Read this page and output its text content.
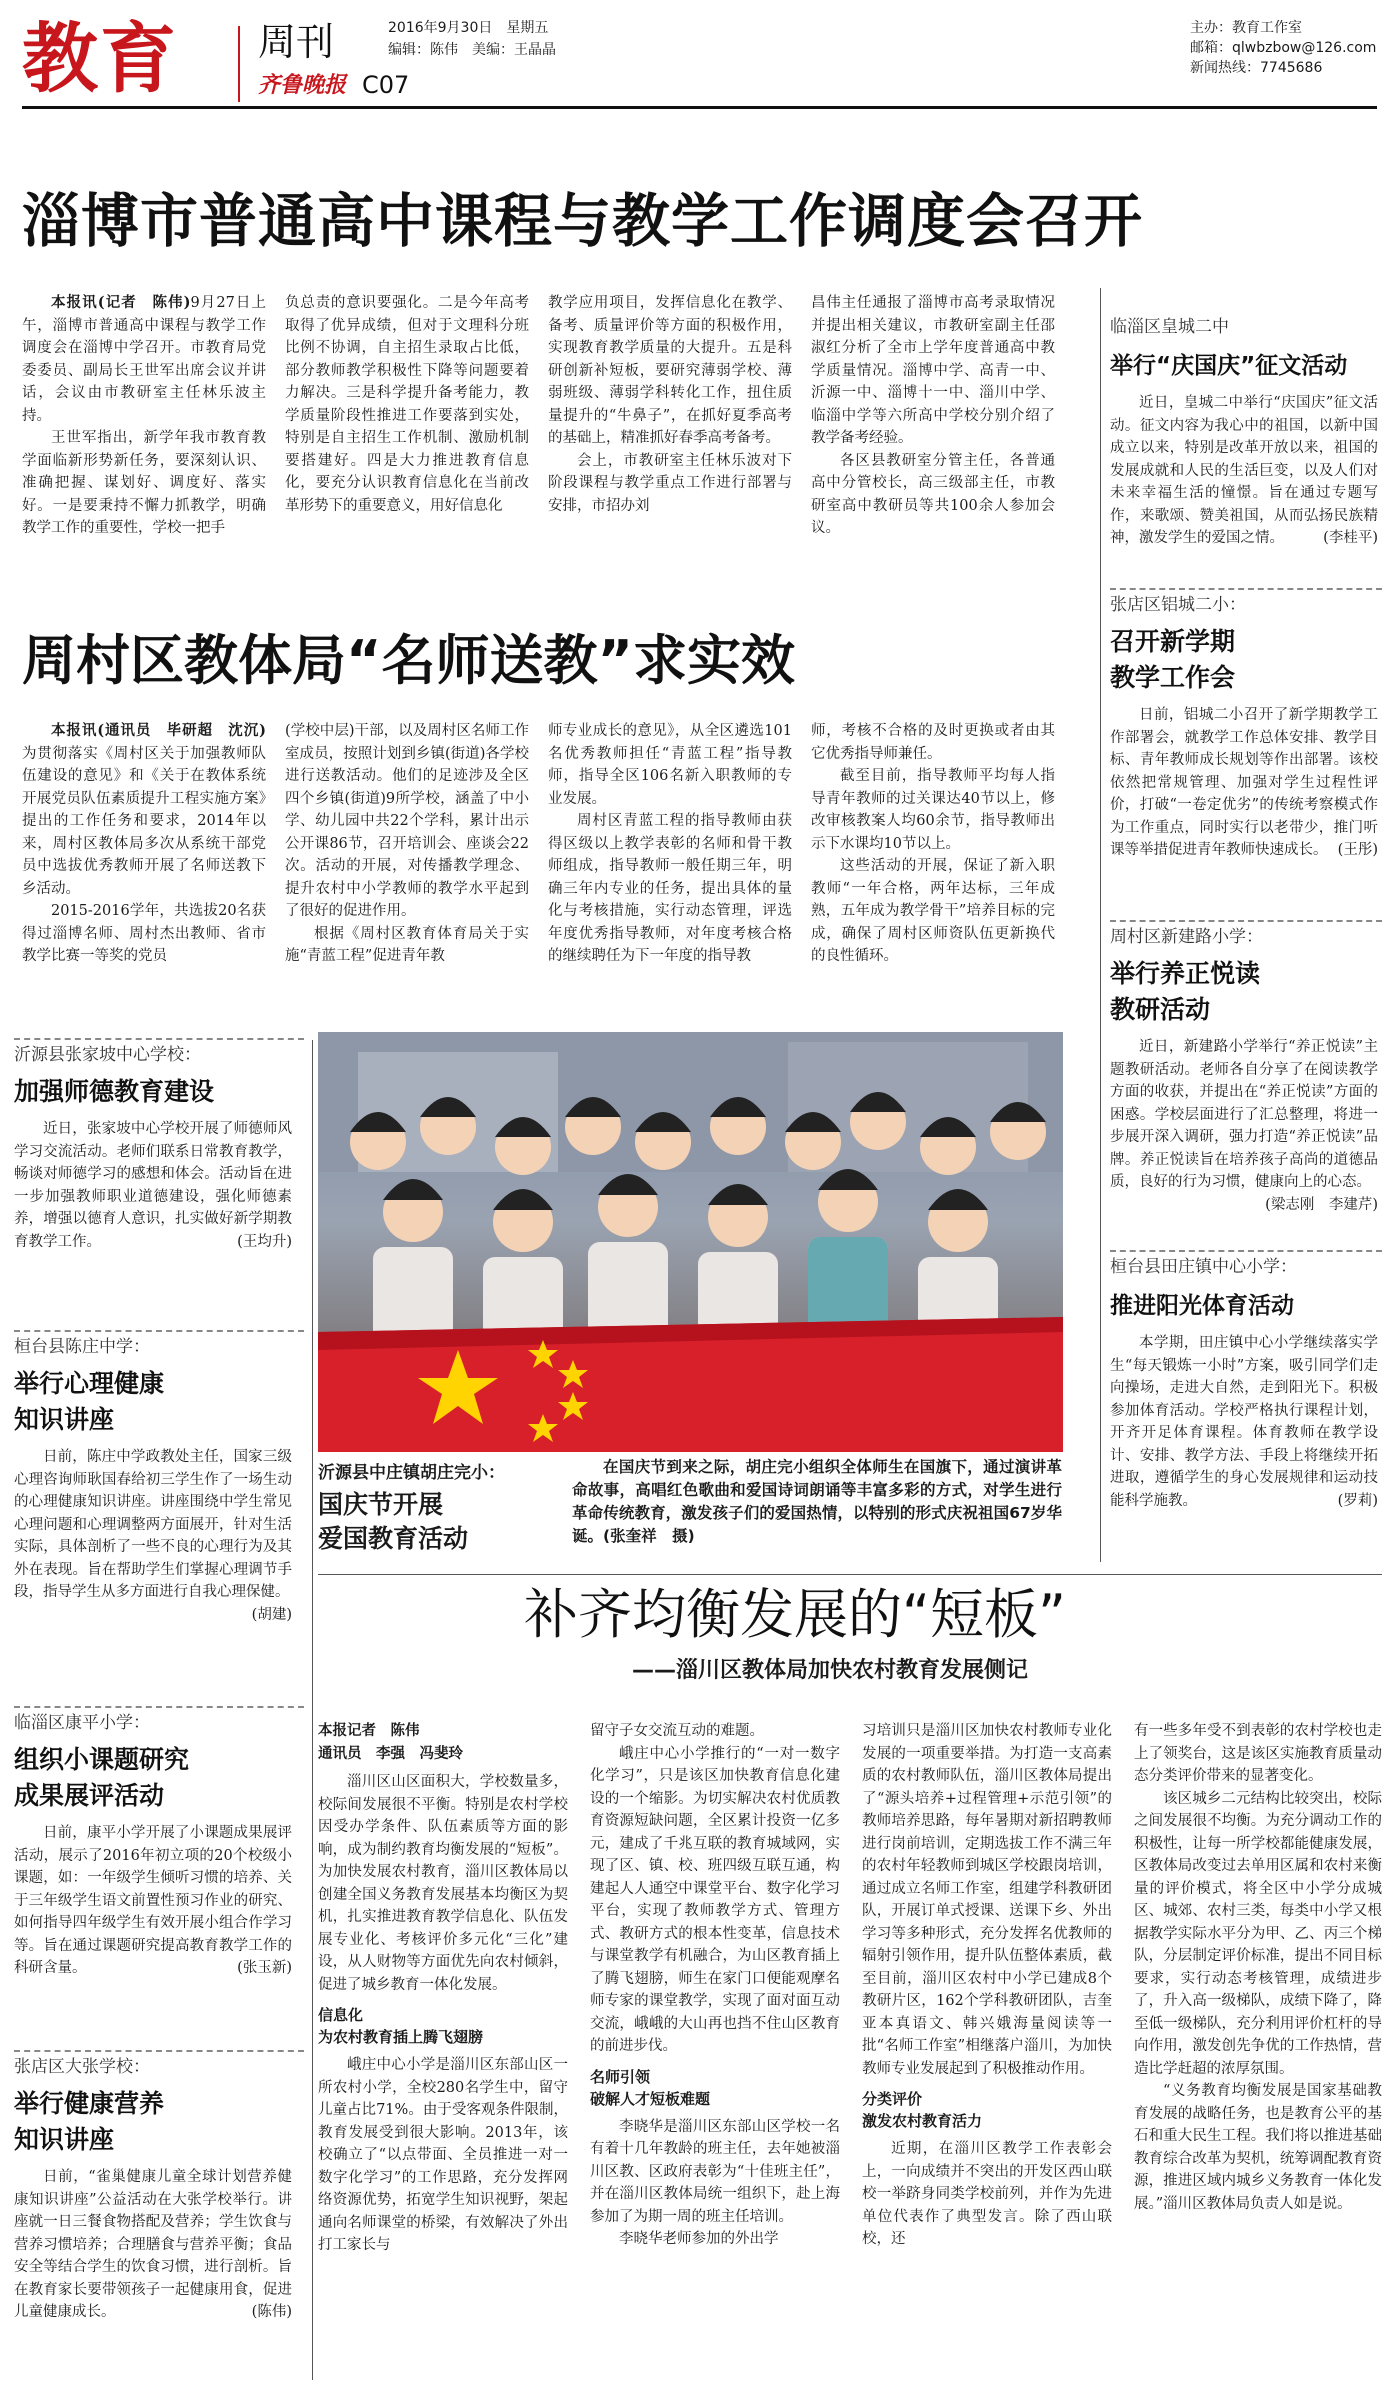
教育 周刊
齐鲁晚报 C07
2016年9月30日　星期五
编辑：陈伟　美编：王晶晶
主办：教育工作室
邮箱：qlwbzbow@126.com
新闻热线：7745686
淄博市普通高中课程与教学工作调度会召开
本报讯(记者　陈伟)9月27日上午，淄博市普通高中课程与教学工作调度会在淄博中学召开。市教育局党委委员、副局长王世军出席会议并讲话，会议由市教研室主任林乐波主持。

王世军指出，新学年我市教育教学面临新形势新任务，要深刻认识、准确把握、谋划好、调度好、落实好。一是要秉持不懈力抓教学，明确教学工作的重要性，学校一把手

负总责的意识要强化。二是今年高考取得了优异成绩，但对于文理科分班比例不协调，自主招生录取占比低，部分教师教学积极性下降等问题要着力解决。三是科学提升备考能力，教学质量阶段性推进工作要落到实处，特别是自主招生工作机制、激励机制要搭建好。四是大力推进教育信息化，要充分认识教育信息化在当前改革形势下的重要意义，用好信息化

教学应用项目，发挥信息化在教学、备考、质量评价等方面的积极作用，实现教育教学质量的大提升。五是科研创新补短板，要研究薄弱学校、薄弱班级、薄弱学科转化工作，扭住质量提升的“牛鼻子”，在抓好夏季高考的基础上，精准抓好春季高考备考。

会上，市教研室主任林乐波对下阶段课程与教学重点工作进行部署与安排，市招办刘

昌伟主任通报了淄博市高考录取情况并提出相关建议，市教研室副主任邵淑红分析了全市上学年度普通高中教学质量情况。淄博中学、高青一中、沂源一中、淄博十一中、淄川中学、临淄中学等六所高中学校分别介绍了教学备考经验。

各区县教研室分管主任，各普通高中分管校长，高三级部主任，市教研室高中教研员等共100余人参加会议。

周村区教体局“名师送教”求实效
本报讯(通讯员　毕研超　沈沉)为贯彻落实《周村区关于加强教师队伍建设的意见》和《关于在教体系统开展党员队伍素质提升工程实施方案》提出的工作任务和要求，2014年以来，周村区教体局多次从系统干部党员中选拔优秀教师开展了名师送教下乡活动。

2015-2016学年，共选拔20名获得过淄博名师、周村杰出教师、省市教学比赛一等奖的党员

(学校中层)干部，以及周村区名师工作室成员，按照计划到乡镇(街道)各学校进行送教活动。他们的足迹涉及全区四个乡镇(街道)9所学校，涵盖了中小学、幼儿园中共22个学科，累计出示公开课86节，召开培训会、座谈会22次。活动的开展，对传播教学理念、提升农村中小学教师的教学水平起到了很好的促进作用。

根据《周村区教育体育局关于实施“青蓝工程”促进青年教

师专业成长的意见》，从全区遴选101名优秀教师担任“青蓝工程”指导教师，指导全区106名新入职教师的专业发展。

周村区青蓝工程的指导教师由获得区级以上教学表彰的名师和骨干教师组成，指导教师一般任期三年，明确三年内专业的任务，提出具体的量化与考核措施，实行动态管理，评选年度优秀指导教师，对年度考核合格的继续聘任为下一年度的指导教

师，考核不合格的及时更换或者由其它优秀指导师兼任。

截至目前，指导教师平均每人指导青年教师的过关课达40节以上，修改审核教案人均60余节，指导教师出示下水课均10节以上。

这些活动的开展，保证了新入职教师“一年合格，两年达标，三年成熟，五年成为教学骨干”培养目标的完成，确保了周村区师资队伍更新换代的良性循环。

沂源县中庄镇胡庄完小：
国庆节开展
爱国教育活动
在国庆节到来之际，胡庄完小组织全体师生在国旗下，通过演讲革命故事，高唱红色歌曲和爱国诗词朗诵等丰富多彩的方式，对学生进行革命传统教育，激发孩子们的爱国热情，以特别的形式庆祝祖国67岁华诞。(张奎祥　摄)
沂源县张家坡中心学校：
加强师德教育建设
近日，张家坡中心学校开展了师德师风学习交流活动。老师们联系日常教育教学，畅谈对师德学习的感想和体会。活动旨在进一步加强教师职业道德建设，强化师德素养，增强以德育人意识，扎实做好新学期教育教学工作。	(王均升)
桓台县陈庄中学：
举行心理健康
知识讲座
日前，陈庄中学政教处主任，国家三级心理咨询师耿国春给初三学生作了一场生动的心理健康知识讲座。讲座围绕中学生常见心理问题和心理调整两方面展开，针对生活实际，具体剖析了一些不良的心理行为及其外在表现。旨在帮助学生们掌握心理调节手段，指导学生从多方面进行自我心理保健。
(胡建)
临淄区康平小学：
组织小课题研究
成果展评活动
日前，康平小学开展了小课题成果展评活动，展示了2016年初立项的20个校级小课题，如：一年级学生倾听习惯的培养、关于三年级学生语文前置性预习作业的研究、如何指导四年级学生有效开展小组合作学习等。旨在通过课题研究提高教育教学工作的科研含量。	(张玉新)
张店区大张学校：
举行健康营养
知识讲座
日前，“雀巢健康儿童全球计划营养健康知识讲座”公益活动在大张学校举行。讲座就一日三餐食物搭配及营养；学生饮食与营养习惯培养；合理膳食与营养平衡；食品安全等结合学生的饮食习惯，进行剖析。旨在教育家长要带领孩子一起健康用食，促进儿童健康成长。	(陈伟)
临淄区皇城二中
举行“庆国庆”征文活动
近日，皇城二中举行“庆国庆”征文活动。征文内容为我心中的祖国，以新中国成立以来，特别是改革开放以来，祖国的发展成就和人民的生活巨变，以及人们对未来幸福生活的憧憬。旨在通过专题写作，来歌颂、赞美祖国，从而弘扬民族精神，激发学生的爱国之情。	(李桂平)
张店区铝城二小：
召开新学期
教学工作会
日前，铝城二小召开了新学期教学工作部署会，就教学工作总体安排、教学目标、青年教师成长规划等作出部署。该校依然把常规管理、加强对学生过程性评价，打破“一卷定优劣”的传统考察模式作为工作重点，同时实行以老带少，推门听课等举措促进青年教师快速成长。 (王彤)
周村区新建路小学：
举行养正悦读
教研活动
近日，新建路小学举行“养正悦读”主题教研活动。老师各自分享了在阅读教学方面的收获，并提出在“养正悦读”方面的困惑。学校层面进行了汇总整理，将进一步展开深入调研，强力打造“养正悦读”品牌。养正悦读旨在培养孩子高尚的道德品质，良好的行为习惯，健康向上的心态。
(梁志刚　李建芹)
桓台县田庄镇中心小学：
推进阳光体育活动
本学期，田庄镇中心小学继续落实学生“每天锻炼一小时”方案，吸引同学们走向操场，走进大自然，走到阳光下。积极参加体育活动。学校严格执行课程计划，开齐开足体育课程。体育教师在教学设计、安排、教学方法、手段上将继续开拓进取，遵循学生的身心发展规律和运动技能科学施教。	(罗莉)
补齐均衡发展的“短板”
——淄川区教体局加快农村教育发展侧记
本报记者　陈伟
通讯员　李强　冯斐玲

淄川区山区面积大，学校数量多，校际间发展很不平衡。特别是农村学校因受办学条件、队伍素质等方面的影响，成为制约教育均衡发展的“短板”。为加快发展农村教育，淄川区教体局以创建全国义务教育发展基本均衡区为契机，扎实推进教育教学信息化、队伍发展专业化、考核评价多元化“三化”建设，从人财物等方面优先向农村倾斜，促进了城乡教育一体化发展。

信息化
为农村教育插上腾飞翅膀

峨庄中心小学是淄川区东部山区一所农村小学，全校280名学生中，留守儿童占比71%。由于受客观条件限制，教育发展受到很大影响。2013年，该校确立了“以点带面、全员推进一对一数字化学习”的工作思路，充分发挥网络资源优势，拓宽学生知识视野，架起通向名师课堂的桥梁，有效解决了外出打工家长与

留守子女交流互动的难题。

峨庄中心小学推行的“一对一数字化学习”，只是该区加快教育信息化建设的一个缩影。为切实解决农村优质教育资源短缺问题，全区累计投资一亿多元，建成了千兆互联的教育城域网，实现了区、镇、校、班四级互联互通，构建起人人通空中课堂平台、数字化学习平台，实现了教师教学方式、管理方式、教研方式的根本性变革，信息技术与课堂教学有机融合，为山区教育插上了腾飞翅膀，师生在家门口便能观摩名师专家的课堂教学，实现了面对面互动交流，峨峨的大山再也挡不住山区教育的前进步伐。

名师引领
破解人才短板难题

李晓华是淄川区东部山区学校一名有着十几年教龄的班主任，去年她被淄川区教、区政府表彰为“十佳班主任”，并在淄川区教体局统一组织下，赴上海参加了为期一周的班主任培训。

李晓华老师参加的外出学

习培训只是淄川区加快农村教师专业化发展的一项重要举措。为打造一支高素质的农村教师队伍，淄川区教体局提出了“源头培养+过程管理+示范引领”的教师培养思路，每年暑期对新招聘教师进行岗前培训，定期选拔工作不满三年的农村年轻教师到城区学校跟岗培训，通过成立名师工作室，组建学科教研团队，开展订单式授课、送课下乡、外出学习等多种形式，充分发挥名优教师的辐射引领作用，提升队伍整体素质，截至目前，淄川区农村中小学已建成8个教研片区，162个学科教研团队，吉奎亚本真语文、韩兴娥海量阅读等一批“名师工作室”相继落户淄川，为加快教师专业发展起到了积极推动作用。

分类评价
激发农村教育活力

近期，在淄川区教学工作表彰会上，一向成绩并不突出的开发区西山联校一举跻身同类学校前列，并作为先进单位代表作了典型发言。除了西山联校，还

有一些多年受不到表彰的农村学校也走上了领奖台，这是该区实施教育质量动态分类评价带来的显著变化。

该区城乡二元结构比较突出，校际之间发展很不均衡。为充分调动工作的积极性，让每一所学校都能健康发展，区教体局改变过去单用区属和农村来衡量的评价模式，将全区中小学分成城区、城郊、农村三类，每类中小学又根据教学实际水平分为甲、乙、丙三个梯队，分层制定评价标准，提出不同目标要求，实行动态考核管理，成绩进步了，升入高一级梯队，成绩下降了，降至低一级梯队，充分利用评价杠杆的导向作用，激发创先争优的工作热情，营造比学赶超的浓厚氛围。

“义务教育均衡发展是国家基础教育发展的战略任务，也是教育公平的基石和重大民生工程。我们将以推进基础教育综合改革为契机，统筹调配教育资源，推进区域内城乡义务教育一体化发展。”淄川区教体局负责人如是说。
